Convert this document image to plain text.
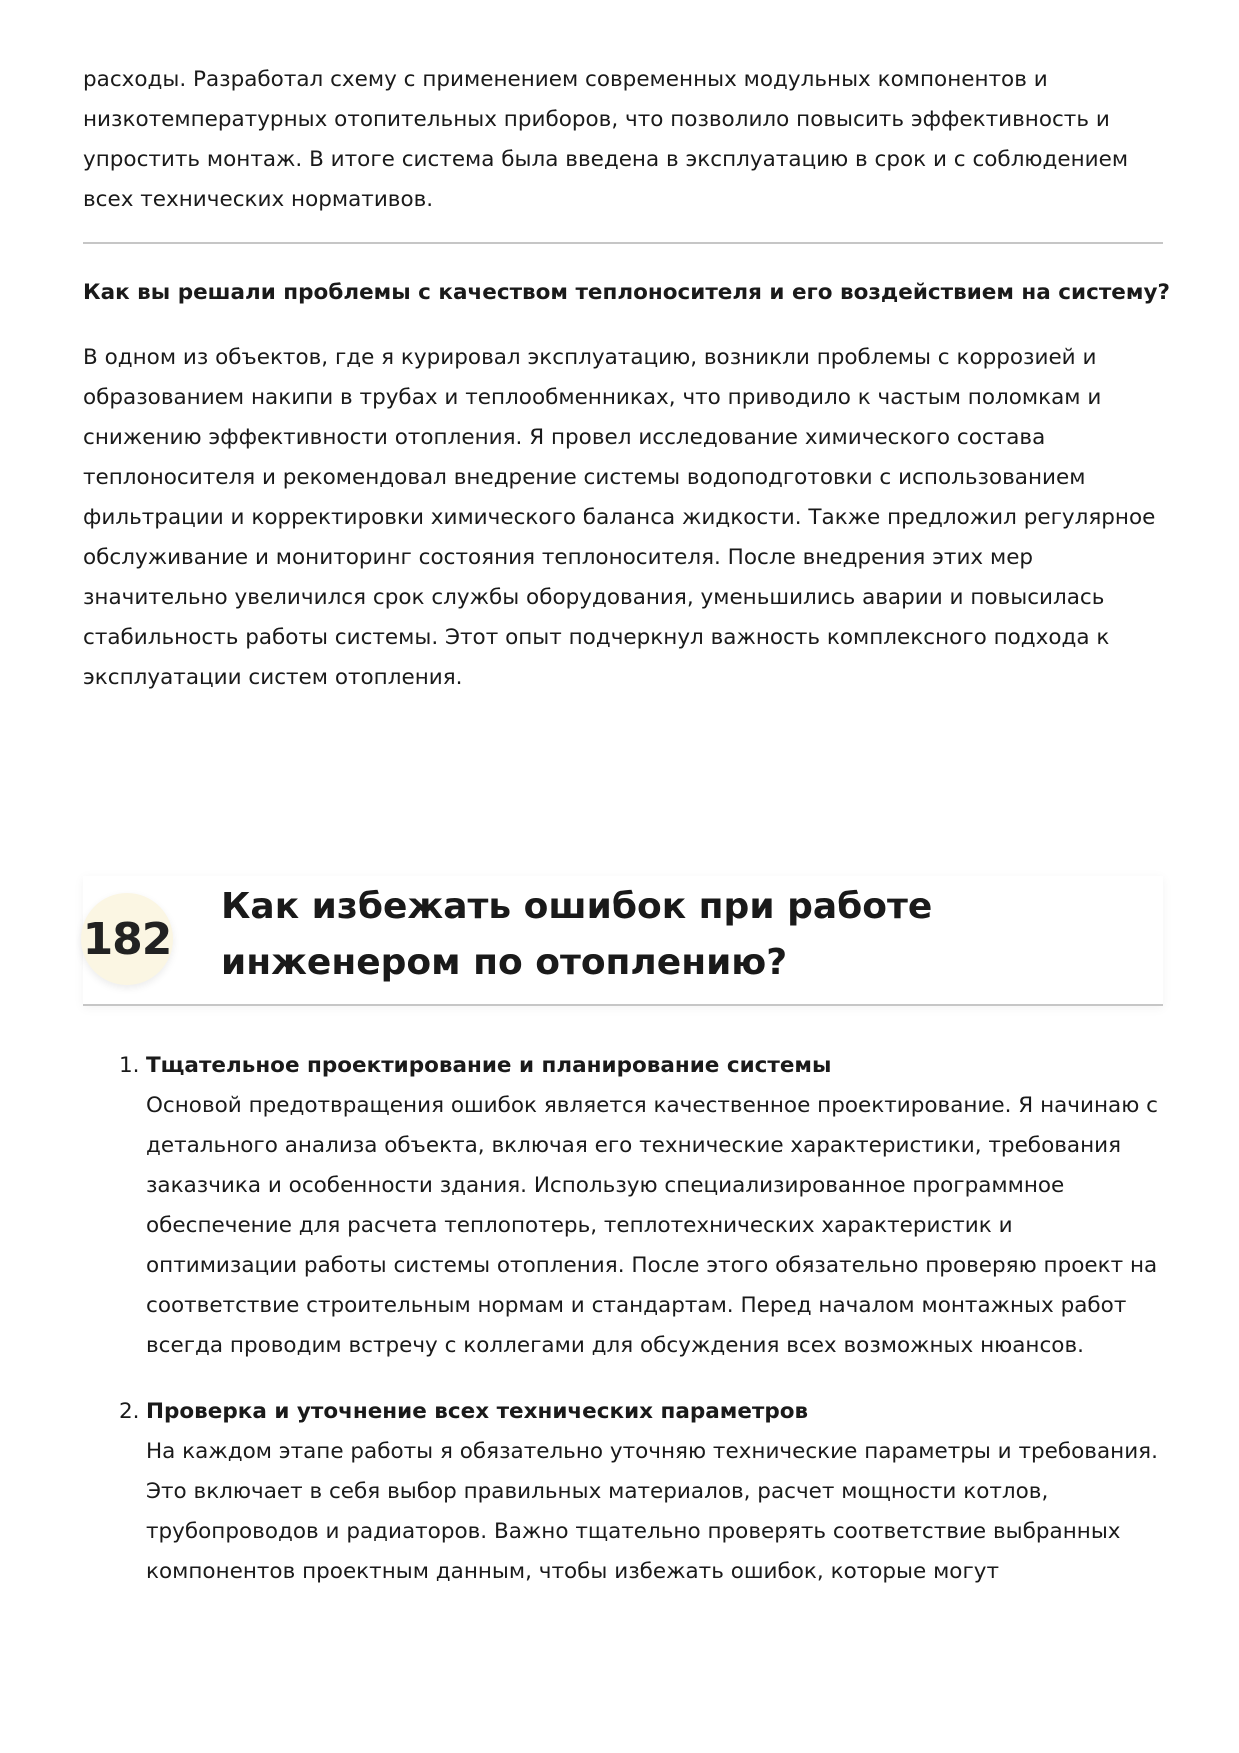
расходы. Разработал схему с применением современных модульных компонентов и низкотемпературных отопительных приборов, что позволило повысить эффективность и упростить монтаж. В итоге система была введена в эксплуатацию в срок и с соблюдением всех технических нормативов.

Как вы решали проблемы с качеством теплоносителя и его воздействием на систему?

В одном из объектов, где я курировал эксплуатацию, возникли проблемы с коррозией и образованием накипи в трубах и теплообменниках, что приводило к частым поломкам и снижению эффективности отопления. Я провел исследование химического состава теплоносителя и рекомендовал внедрение системы водоподготовки с использованием фильтрации и корректировки химического баланса жидкости. Также предложил регулярное обслуживание и мониторинг состояния теплоносителя. После внедрения этих мер значительно увеличился срок службы оборудования, уменьшились аварии и повысилась стабильность работы системы. Этот опыт подчеркнул важность комплексного подхода к эксплуатации систем отопления.

182
Как избежать ошибок при работе инженером по отоплению?
1. Тщательное проектирование и планирование системы

Основой предотвращения ошибок является качественное проектирование. Я начинаю с детального анализа объекта, включая его технические характеристики, требования заказчика и особенности здания. Использую специализированное программное обеспечение для расчета теплопотерь, теплотехнических характеристик и оптимизации работы системы отопления. После этого обязательно проверяю проект на соответствие строительным нормам и стандартам. Перед началом монтажных работ всегда проводим встречу с коллегами для обсуждения всех возможных нюансов.

2. Проверка и уточнение всех технических параметров

На каждом этапе работы я обязательно уточняю технические параметры и требования. Это включает в себя выбор правильных материалов, расчет мощности котлов, трубопроводов и радиаторов. Важно тщательно проверять соответствие выбранных компонентов проектным данным, чтобы избежать ошибок, которые могут
